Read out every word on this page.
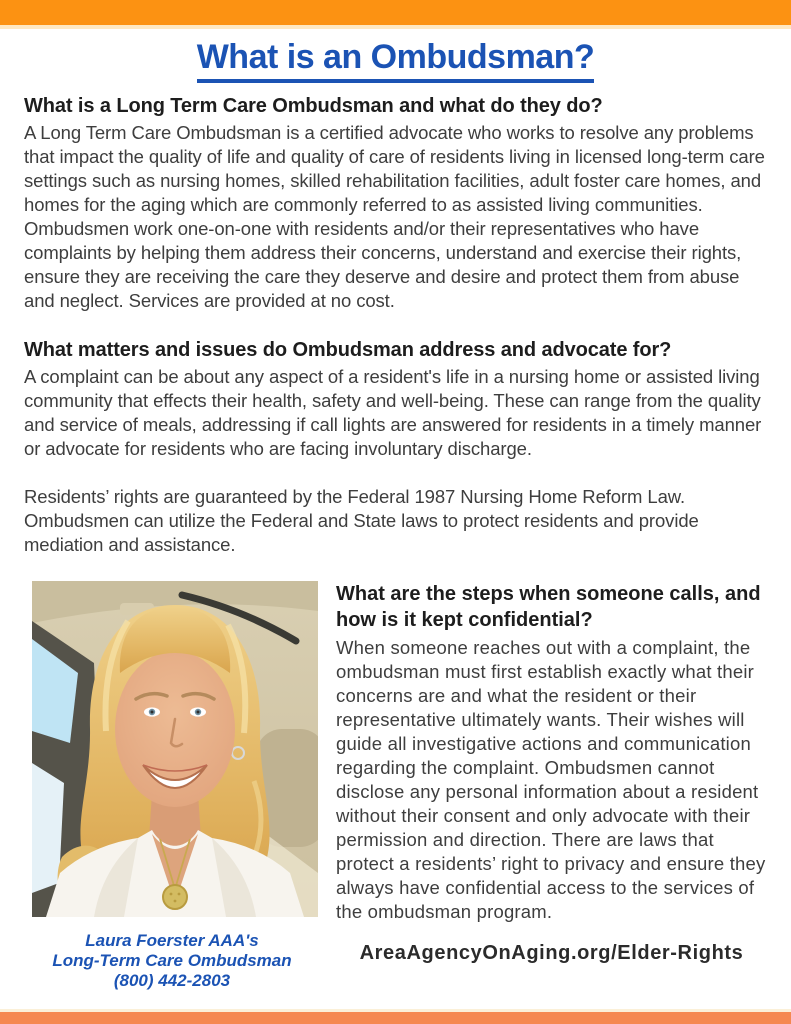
What is an Ombudsman?
What is a Long Term Care Ombudsman and what do they do?

A Long Term Care Ombudsman is a certified advocate who works to resolve any problems that impact the quality of life and quality of care of residents living in licensed long-term care settings such as nursing homes, skilled rehabilitation facilities, adult foster care homes, and homes for the aging which are commonly referred to as assisted living communities. Ombudsmen work one-on-one with residents and/or their representatives who have complaints by helping them address their concerns, understand and exercise their rights, ensure they are receiving the care they deserve and desire and protect them from abuse and neglect. Services are provided at no cost.

What matters and issues do Ombudsman address and advocate for?

A complaint can be about any aspect of a resident's life in a nursing home or assisted living community that effects their health, safety and well-being. These can range from the quality and service of meals, addressing if call lights are answered for residents in a timely manner or advocate for residents who are facing involuntary discharge.

Residents’ rights are guaranteed by the Federal 1987 Nursing Home Reform Law. Ombudsmen can utilize the Federal and State laws to protect residents and provide mediation and assistance.

Laura Foerster AAA's
Long-Term Care Ombudsman
(800) 442-2803
What are the steps when someone calls, and how is it kept confidential?

When someone reaches out with a complaint, the ombudsman must first establish exactly what their concerns are and what the resident or their representative ultimately wants. Their wishes will guide all investigative actions and communication regarding the complaint. Ombudsmen cannot disclose any personal information about a resident without their consent and only advocate with their permission and direction. There are laws that protect a residents’ right to privacy and ensure they always have confidential access to the services of the ombudsman program.

AreaAgencyOnAging.org/Elder-Rights
